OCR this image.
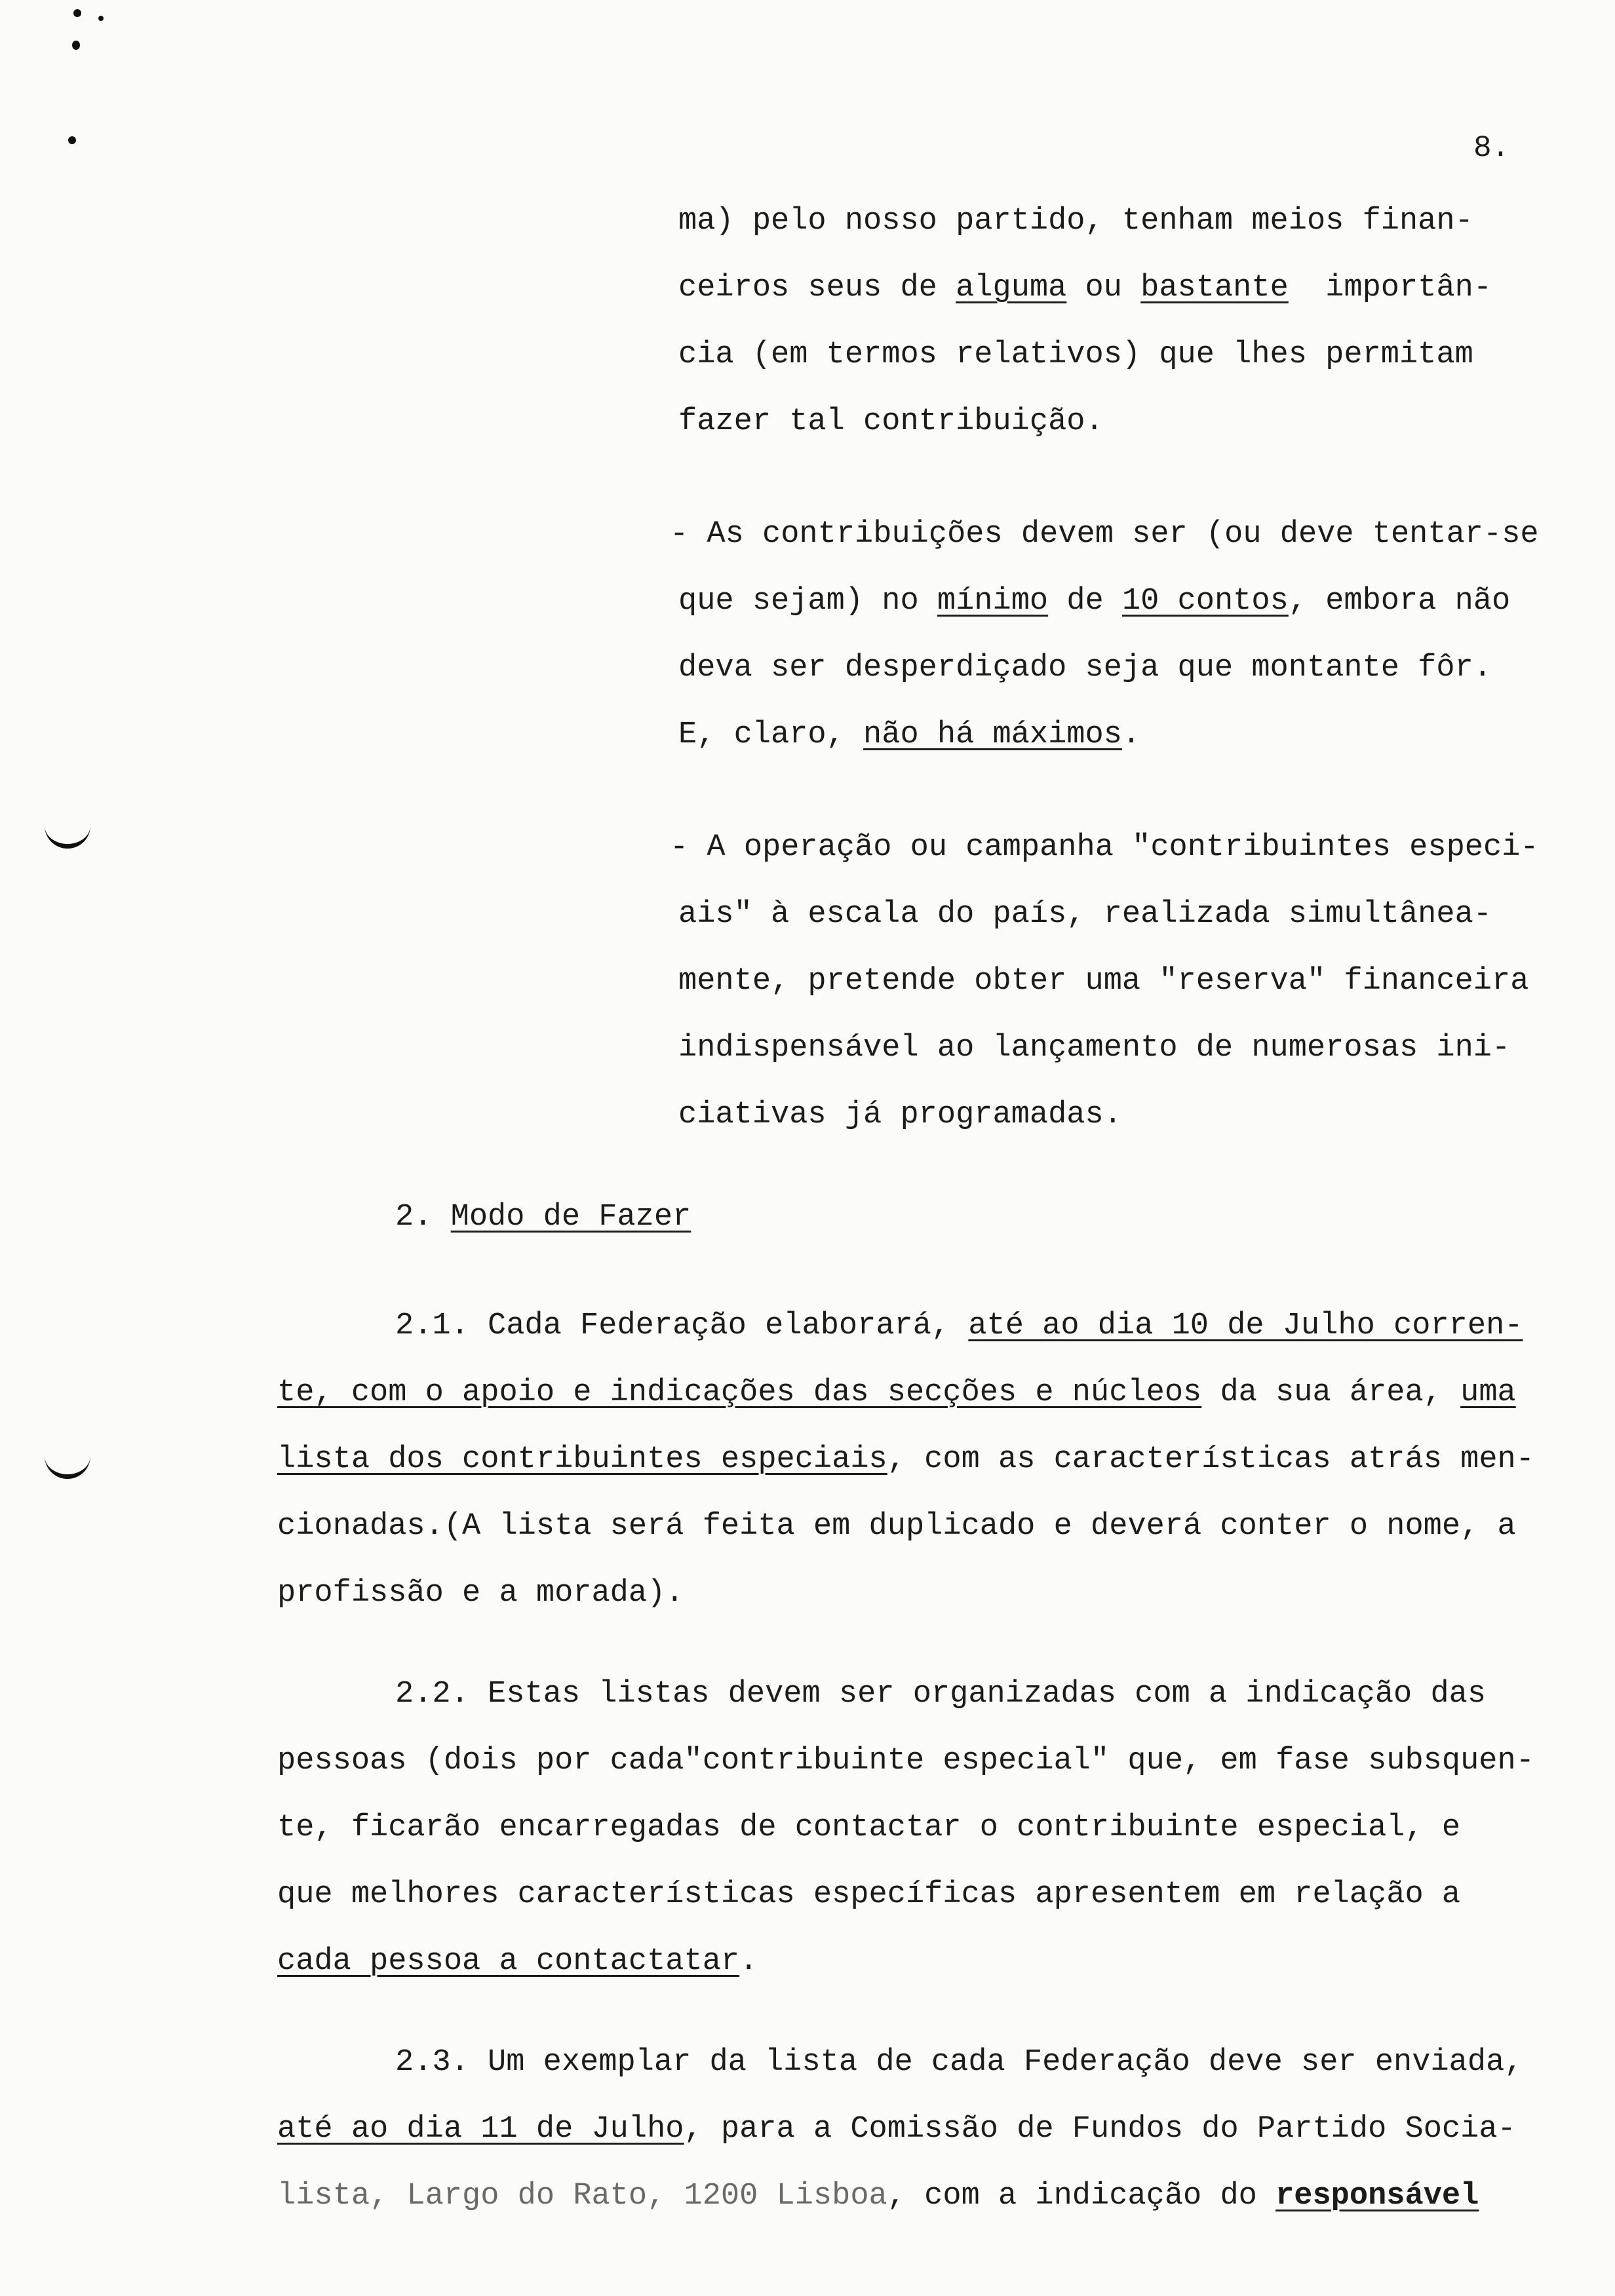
8.
ma) pelo nosso partido, tenham meios finan-
ceiros seus de alguma ou bastante  importân-
cia (em termos relativos) que lhes permitam
fazer tal contribuição.
- As contribuições devem ser (ou deve tentar-se
que sejam) no mínimo de 10 contos, embora não
deva ser desperdiçado seja que montante fôr.
E, claro, não há máximos.
- A operação ou campanha "contribuintes especi-
ais" à escala do país, realizada simultânea-
mente, pretende obter uma "reserva" financeira
indispensável ao lançamento de numerosas ini-
ciativas já programadas.
2. Modo de Fazer
2.1. Cada Federação elaborará, até ao dia 10 de Julho corren-
te, com o apoio e indicações das secções e núcleos da sua área, uma
lista dos contribuintes especiais, com as características atrás men-
cionadas.(A lista será feita em duplicado e deverá conter o nome, a
profissão e a morada).
2.2. Estas listas devem ser organizadas com a indicação das
pessoas (dois por cada"contribuinte especial" que, em fase subsquen-
te, ficarão encarregadas de contactar o contribuinte especial, e
que melhores características específicas apresentem em relação a
cada pessoa a contactatar.
2.3. Um exemplar da lista de cada Federação deve ser enviada,
até ao dia 11 de Julho, para a Comissão de Fundos do Partido Socia-
lista, Largo do Rato, 1200 Lisboa, com a indicação do responsável
